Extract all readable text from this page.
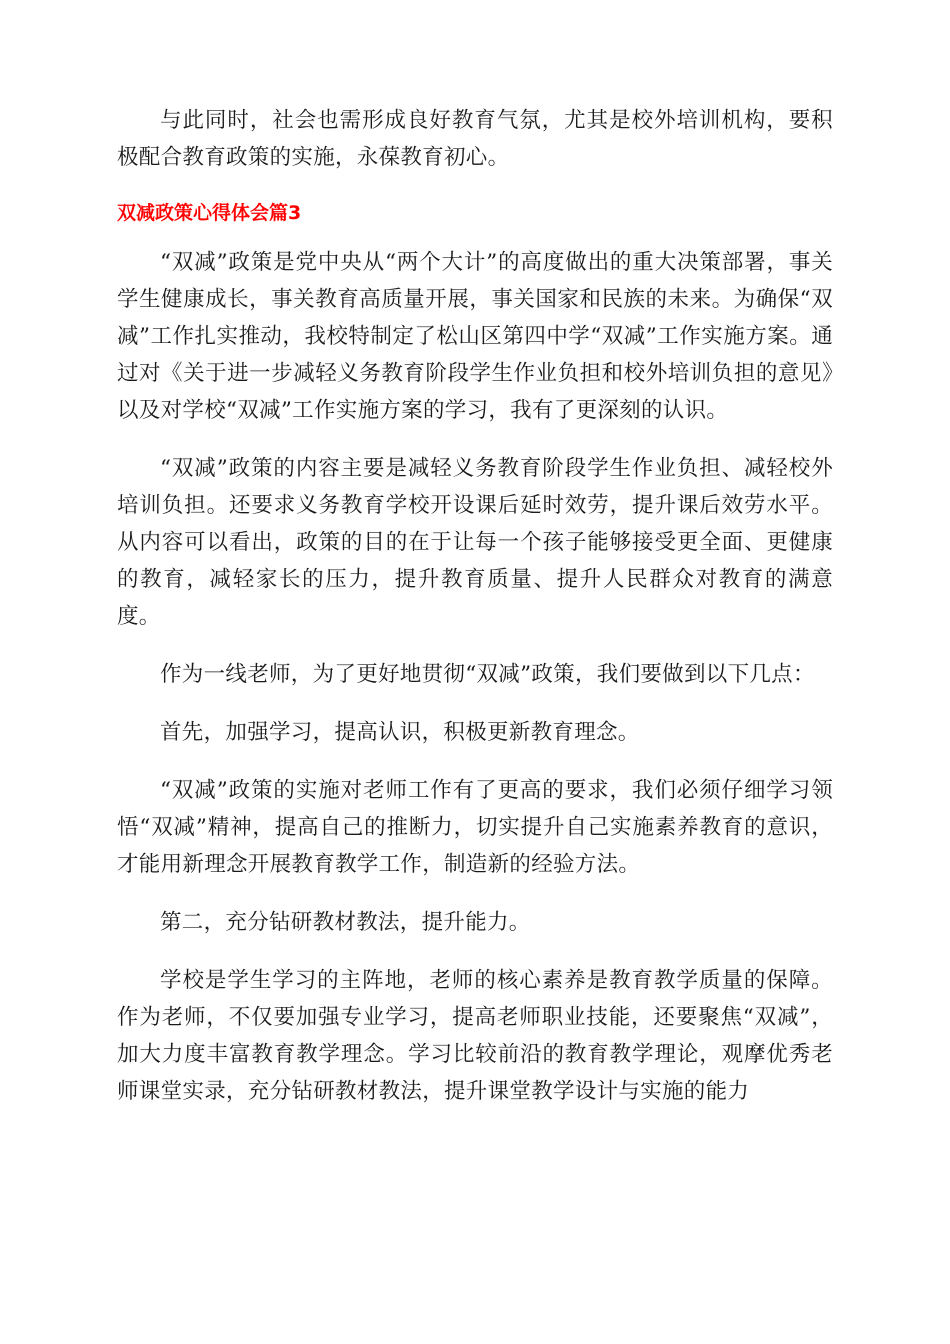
与此同时，社会也需形成良好教育气氛，尤其是校外培训机构，要积极配合教育政策的实施，永葆教育初心。

双减政策心得体会篇3

“双减”政策是党中央从“两个大计”的高度做出的重大决策部署，事关学生健康成长，事关教育高质量开展，事关国家和民族的未来。为确保“双减”工作扎实推动，我校特制定了松山区第四中学“双减”工作实施方案。通过对《关于进一步减轻义务教育阶段学生作业负担和校外培训负担的意见》以及对学校“双减”工作实施方案的学习，我有了更深刻的认识。

“双减”政策的内容主要是减轻义务教育阶段学生作业负担、减轻校外培训负担。还要求义务教育学校开设课后延时效劳，提升课后效劳水平。从内容可以看出，政策的目的在于让每一个孩子能够接受更全面、更健康的教育，减轻家长的压力，提升教育质量、提升人民群众对教育的满意度。

作为一线老师，为了更好地贯彻“双减”政策，我们要做到以下几点：

首先，加强学习，提高认识，积极更新教育理念。

“双减”政策的实施对老师工作有了更高的要求，我们必须仔细学习领悟“双减”精神，提高自己的推断力，切实提升自己实施素养教育的意识，才能用新理念开展教育教学工作，制造新的经验方法。

第二，充分钻研教材教法，提升能力。

学校是学生学习的主阵地，老师的核心素养是教育教学质量的保障。作为老师，不仅要加强专业学习，提高老师职业技能，还要聚焦“双减”，加大力度丰富教育教学理念。学习比较前沿的教育教学理论，观摩优秀老师课堂实录，充分钻研教材教法，提升课堂教学设计与实施的能力
